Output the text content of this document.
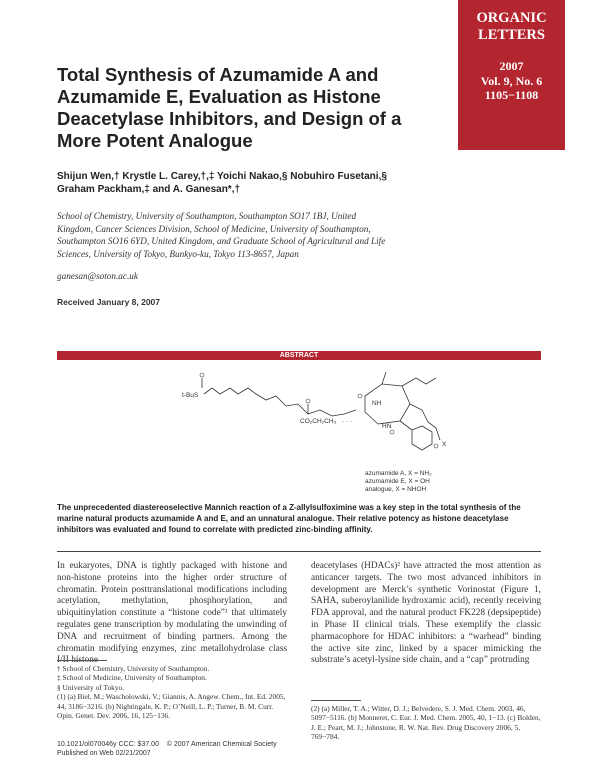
ORGANIC
LETTERS
2007
Vol. 9, No. 6
1105−1108
Total Synthesis of Azumamide A and Azumamide E, Evaluation as Histone Deacetylase Inhibitors, and Design of a More Potent Analogue
Shijun Wen,† Krystle L. Carey,†,‡ Yoichi Nakao,§ Nobuhiro Fusetani,§
Graham Packham,‡ and A. Ganesan*,†
School of Chemistry, University of Southampton, Southampton SO17 1BJ, United Kingdom, Cancer Sciences Division, School of Medicine, University of Southampton, Southampton SO16 6YD, United Kingdom, and Graduate School of Agricultural and Life Sciences, University of Tokyo, Bunkyo-ku, Tokyo 113-8657, Japan
ganesan@soton.ac.uk
Received January 8, 2007
ABSTRACT
t-BuS
CO₂CH₂CH₃ · · ·
NH
HN
X
azumamide A, X = NH₂
azumamide E, X = OH
analogue, X = NHOH
The unprecedented diastereoselective Mannich reaction of a Z-allylsulfoximine was a key step in the total synthesis of the marine natural products azumamide A and E, and an unnatural analogue. Their relative potency as histone deacetylase inhibitors was evaluated and found to correlate with predicted zinc-binding affinity.
In eukaryotes, DNA is tightly packaged with histone and non-histone proteins into the higher order structure of chromatin. Protein posttranslational modifications including acetylation, methylation, phosphorylation, and ubiquitinylation constitute a “histone code”¹ that ultimately regulates gene transcription by modulating the unwinding of DNA and recruitment of binding partners. Among the chromatin modifying enzymes, zinc metallohydrolase class
deacetylases (HDACs)² have attracted the most attention as anticancer targets. The two most advanced inhibitors in development are Merck’s synthetic Vorinostat (Figure 1, SAHA, suberoylanilide hydroxamic acid), recently receiving FDA approval, and the natural product FK228 (depsipeptide) in Phase II clinical trials. These exemplify the classic pharmacophore for HDAC inhibitors: a “warhead” binding the active site zinc, linked by a spacer mimicking the substrate’s acetyl-lysine side chain, and a “cap” protruding
† School of Chemistry, University of Southampton.
‡ School of Medicine, University of Southampton.
§ University of Tokyo.
(1) (a) Biel, M.; Wascholowski, V.; Giannis, A. Angew. Chem., Int. Ed. 2005, 44, 3186−3216. (b) Nightingale, K. P.; O’Neill, L. P.; Turner, B. M. Curr. Opin. Genet. Dev. 2006, 16, 125−136.
(2) (a) Miller, T. A.; Witter, D. J.; Belvedere, S. J. Med. Chem. 2003, 46, 5097−5116. (b) Monneret, C. Eur. J. Med. Chem. 2005, 40, 1−13. (c) Bolden, J. E.; Peart, M. J.; Johnstone, R. W. Nat. Rev. Drug Discovery 2006, 5, 769−784.
10.1021/ol070046y CCC: $37.00 © 2007 American Chemical Society
Published on Web 02/21/2007
